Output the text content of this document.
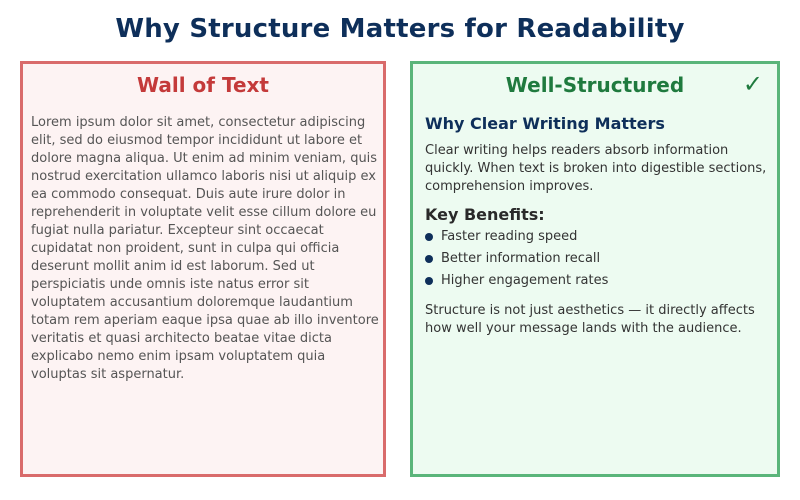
Why Structure Matters for Readability
Wall of Text
Lorem ipsum dolor sit amet, consectetur adipiscing elit, sed do eiusmod tempor incididunt ut labore et dolore magna aliqua. Ut enim ad minim veniam, quis nostrud exercitation ullamco laboris nisi ut aliquip ex ea commodo consequat. Duis aute irure dolor in reprehenderit in voluptate velit esse cillum dolore eu fugiat nulla pariatur. Excepteur sint occaecat cupidatat non proident, sunt in culpa qui officia deserunt mollit anim id est laborum. Sed ut perspiciatis unde omnis iste natus error sit voluptatem accusantium doloremque laudantium totam rem aperiam eaque ipsa quae ab illo inventore veritatis et quasi architecto beatae vitae dicta explicabo nemo enim ipsam voluptatem quia voluptas sit aspernatur.
Well-Structured	✓
Why Clear Writing Matters
Clear writing helps readers absorb information quickly. When text is broken into digestible sections, comprehension improves.
Key Benefits:
Faster reading speed
Better information recall
Higher engagement rates
Structure is not just aesthetics — it directly affects how well your message lands with the audience.
